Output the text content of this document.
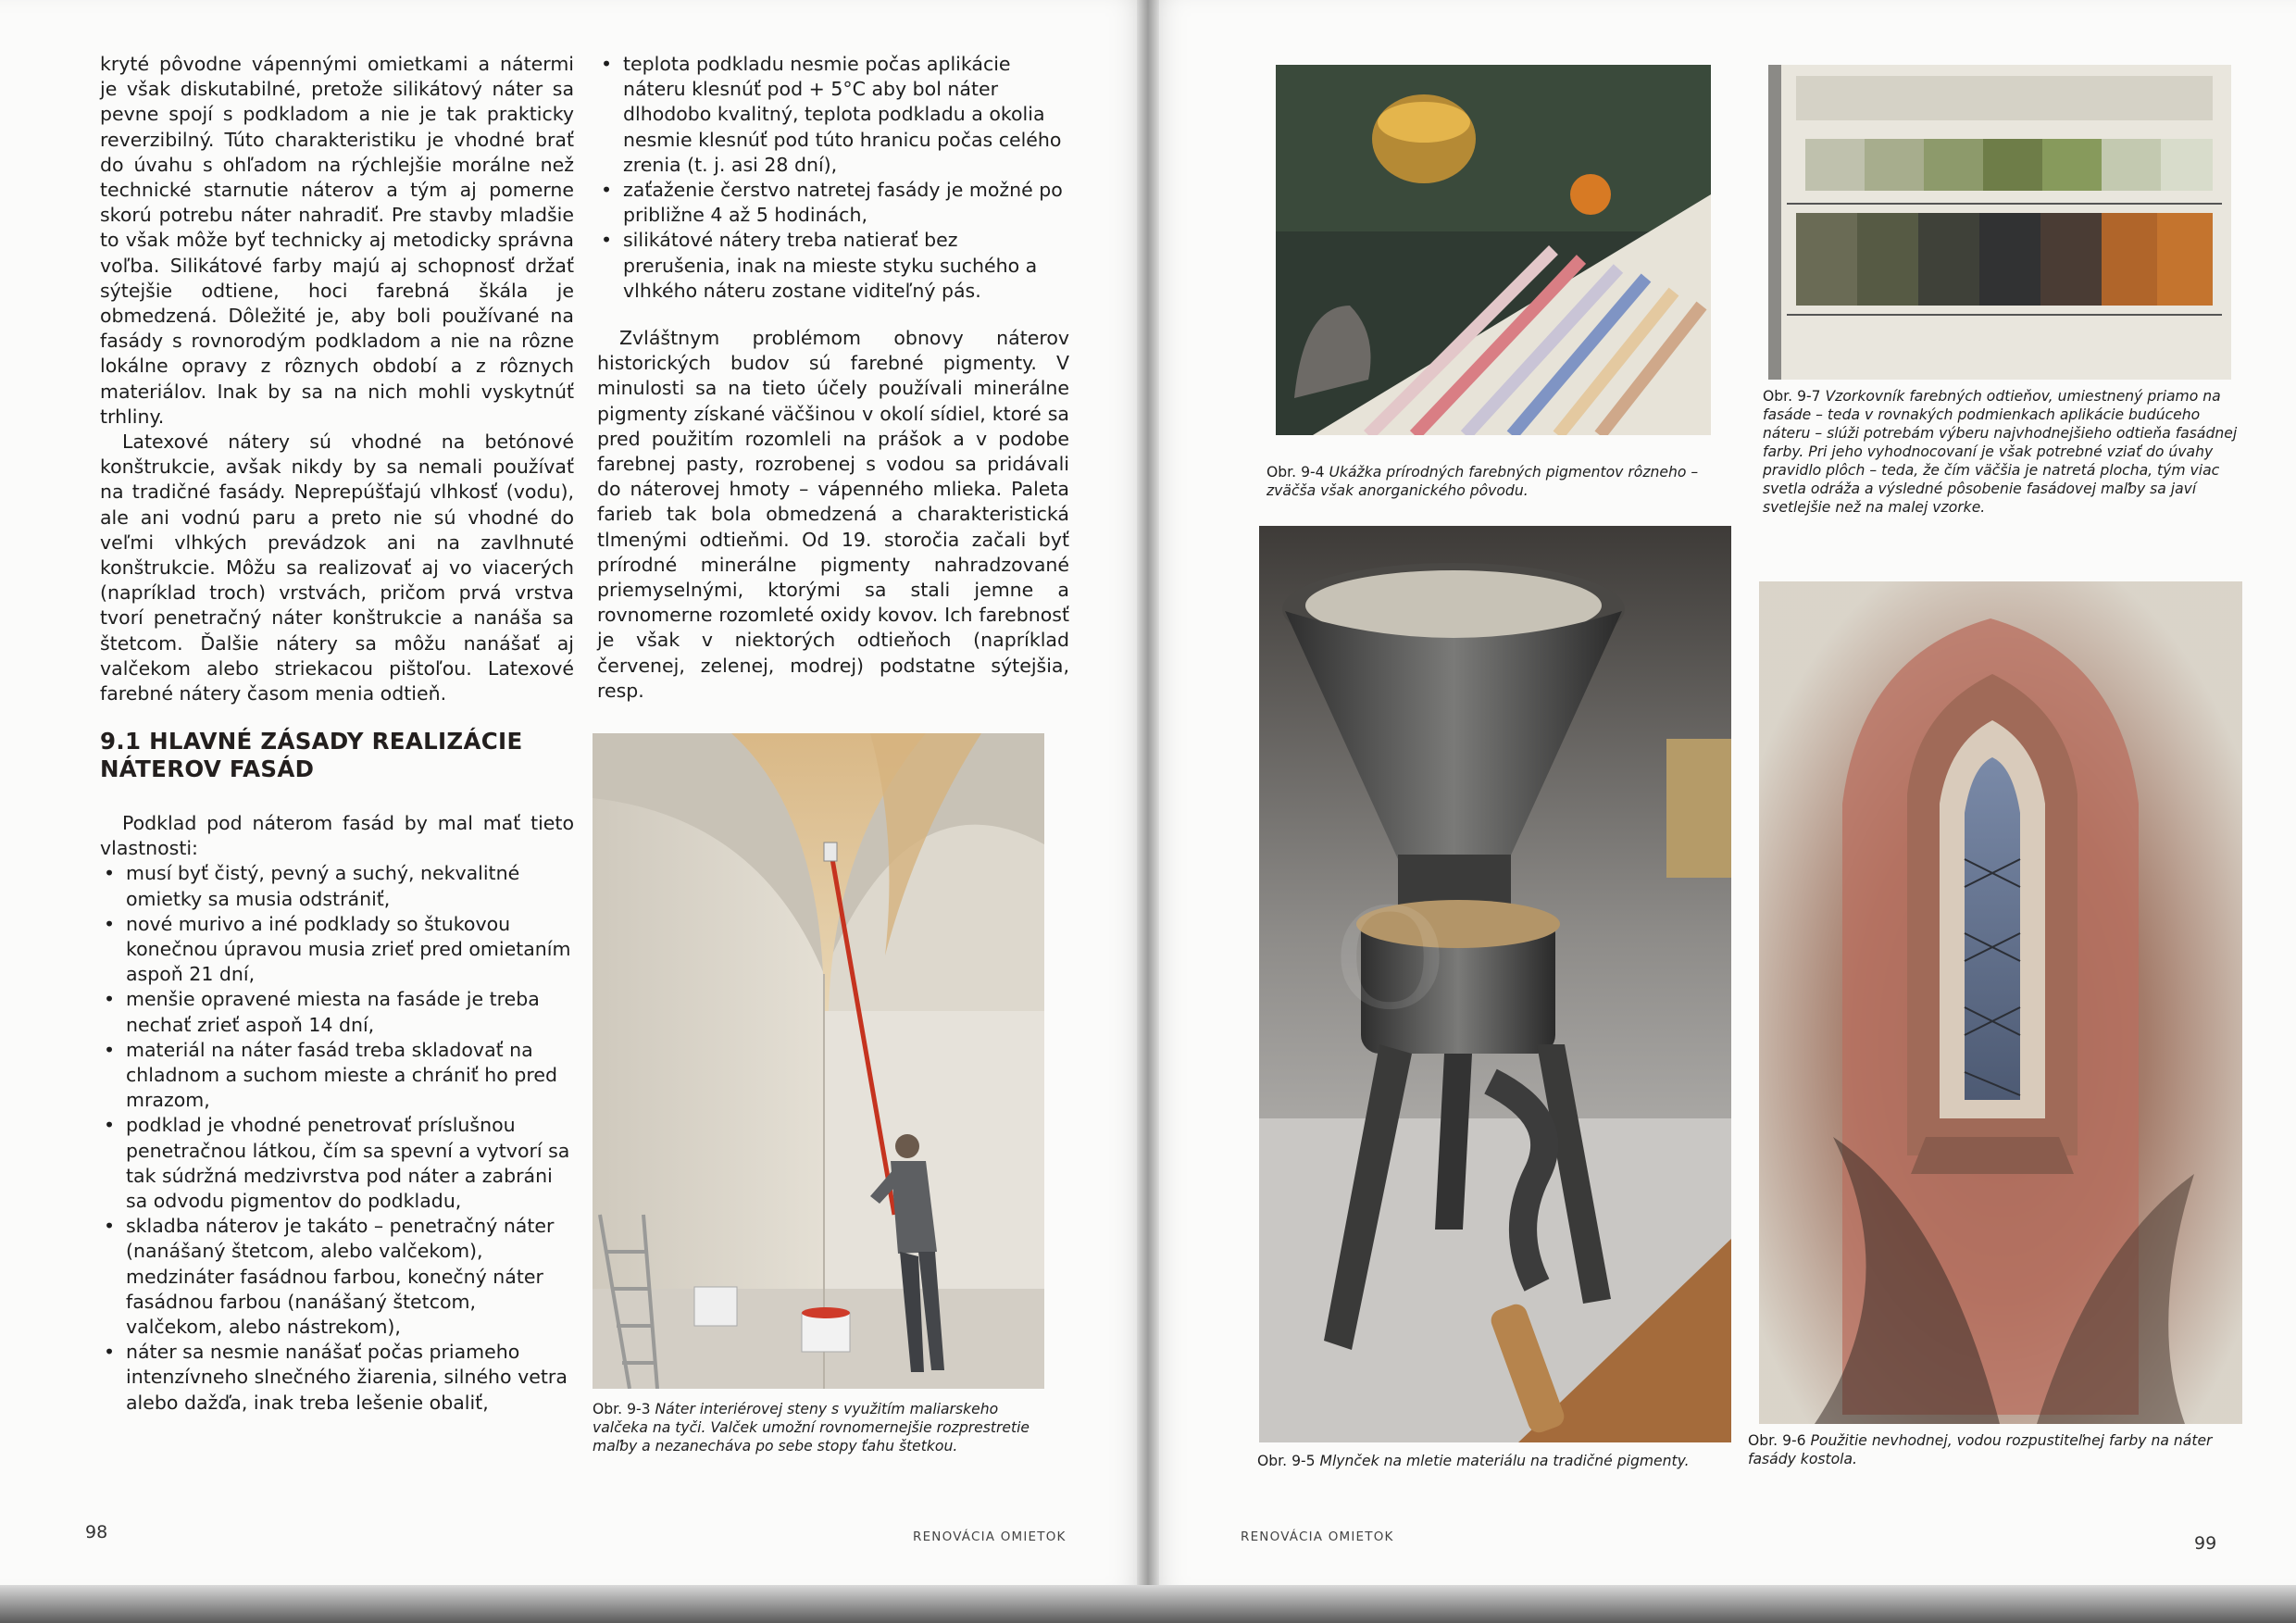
kryté pôvodne vápennými omietkami a nátermi je však diskutabilné, pretože silikátový náter sa pevne spojí s podkladom a nie je tak prakticky reverzibilný. Túto charakteristiku je vhodné brať do úvahu s ohľadom na rýchlejšie morálne než technické starnutie náterov a tým aj pomerne skorú potrebu náter nahradiť. Pre stavby mladšie to však môže byť technicky aj metodicky správna voľba. Silikátové farby majú aj schopnosť držať sýtejšie odtiene, hoci farebná škála je obmedzená. Dôležité je, aby boli používané na fasády s rovnorodým podkladom a nie na rôzne lokálne opravy z rôznych období a z rôznych materiálov. Inak by sa na nich mohli vyskytnúť trhliny.

Latexové nátery sú vhodné na betónové konštrukcie, avšak nikdy by sa nemali používať na tradičné fasády. Neprepúšťajú vlhkosť (vodu), ale ani vodnú paru a preto nie sú vhodné do veľmi vlhkých prevádzok ani na zavlhnuté konštrukcie. Môžu sa realizovať aj vo viacerých (napríklad troch) vrstvách, pričom prvá vrstva tvorí penetračný náter konštrukcie a nanáša sa štetcom. Ďalšie nátery sa môžu nanášať aj valčekom alebo striekacou pištoľou. Latexové farebné nátery časom menia odtieň.

9.1 HLAVNÉ ZÁSADY REALIZÁCIE NÁTEROV FASÁD

Podklad pod náterom fasád by mal mať tieto vlastnosti:

• musí byť čistý, pevný a suchý, nekvalitné omietky sa musia odstrániť,
• nové murivo a iné podklady so štukovou konečnou úpravou musia zrieť pred omietaním aspoň 21 dní,
• menšie opravené miesta na fasáde je treba nechať zrieť aspoň 14 dní,
• materiál na náter fasád treba skladovať na chladnom a suchom mieste a chrániť ho pred mrazom,
• podklad je vhodné penetrovať príslušnou penetračnou látkou, čím sa spevní a vytvorí sa tak súdržná medzivrstva pod náter a zabráni sa odvodu pigmentov do podkladu,
• skladba náterov je takáto – penetračný náter (nanášaný štetcom, alebo valčekom), medzináter fasádnou farbou, konečný náter fasádnou farbou (nanášaný štetcom, valčekom, alebo nástrekom),
• náter sa nesmie nanášať počas priameho intenzívneho slnečného žiarenia, silného vetra alebo dažďa, inak treba lešenie obaliť,
• teplota podkladu nesmie počas aplikácie náteru klesnúť pod + 5°C aby bol náter dlhodobo kvalitný, teplota podkladu a okolia nesmie klesnúť pod túto hranicu počas celého zrenia (t. j. asi 28 dní),
• zaťaženie čerstvo natretej fasády je možné po približne 4 až 5 hodinách,
• silikátové nátery treba natierať bez prerušenia, inak na mieste styku suchého a vlhkého náteru zostane viditeľný pás.

Zvláštnym problémom obnovy náterov historických budov sú farebné pigmenty. V minulosti sa na tieto účely používali minerálne pigmenty získané väčšinou v okolí sídiel, ktoré sa pred použitím rozomleli na prášok a v podobe farebnej pasty, rozrobenej s vodou sa pridávali do náterovej hmoty – vápenného mlieka. Paleta farieb tak bola obmedzená a charakteristická tlmenými odtieňmi. Od 19. storočia začali byť prírodné minerálne pigmenty nahradzované priemyselnými, ktorými sa stali jemne a rovnomerne rozomleté oxidy kovov. Ich farebnosť je však v niektorých odtieňoch (napríklad červenej, zelenej, modrej) podstatne sýtejšia, resp.

Obr. 9-3 Náter interiérovej steny s využitím maliarskeho valčeka na tyči. Valček umožní rovnomernejšie rozprestretie maľby a nezanecháva po sebe stopy ťahu štetkou.
98	RENOVÁCIA OMIETOK
Obr. 9-4 Ukážka prírodných farebných pigmentov rôzneho – zväčša však anorganického pôvodu.
Obr. 9-7 Vzorkovník farebných odtieňov, umiestnený priamo na fasáde – teda v rovnakých podmienkach aplikácie budúceho náteru – slúži potrebám výberu najvhodnejšieho odtieňa fasádnej farby. Pri jeho vyhodnocovaní je však potrebné vziať do úvahy pravidlo plôch – teda, že čím väčšia je natretá plocha, tým viac svetla odráža a výsledné pôsobenie fasádovej maľby sa javí svetlejšie než na malej vzorke.
O
Obr. 9-5 Mlynček na mletie materiálu na tradičné pigmenty.
Obr. 9-6 Použitie nevhodnej, vodou rozpustiteľnej farby na náter fasády kostola.
RENOVÁCIA OMIETOK	99
